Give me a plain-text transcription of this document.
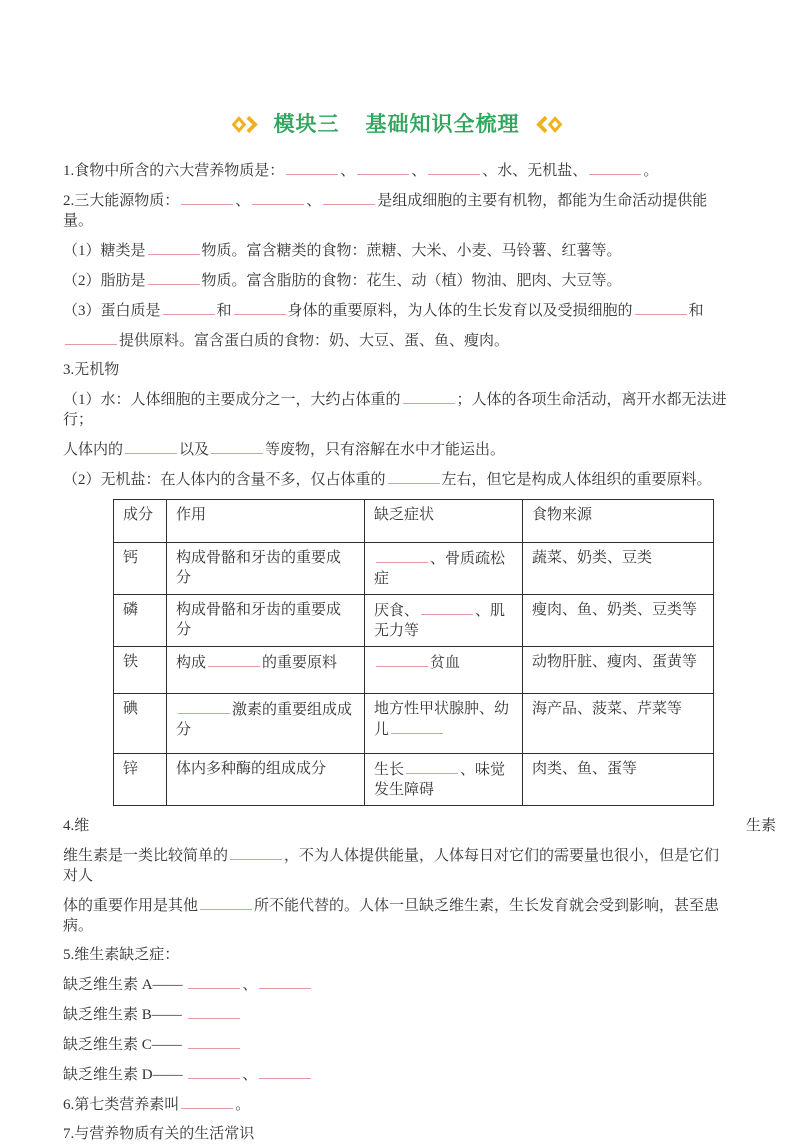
模块三 基础知识全梳理
1.食物中所含的六大营养物质是：	、	、	、水、无机盐、	。
2.三大能源物质：	、	、	是组成细胞的主要有机物，都能为生命活动提供能量。
（1）糖类是	物质。富含糖类的食物：蔗糖、大米、小麦、马铃薯、红薯等。
（2）脂肪是	物质。富含脂肪的食物：花生、动（植）物油、肥肉、大豆等。
（3）蛋白质是	和	身体的重要原料，为人体的生长发育以及受损细胞的	和
提供原料。富含蛋白质的食物：奶、大豆、蛋、鱼、瘦肉。
3.无机物
（1）水：人体细胞的主要成分之一，大约占体重的	；人体的各项生命活动，离开水都无法进行；
人体内的	以及	等废物，只有溶解在水中才能运出。
（2）无机盐：在人体内的含量不多，仅占体重的	左右，但它是构成人体组织的重要原料。
成分	作用	缺乏症状	食物来源
钙	构成骨骼和牙齿的重要成分	、骨质疏松症	蔬菜、奶类、豆类
磷	构成骨骼和牙齿的重要成分	厌食、 、肌无力等	瘦肉、鱼、奶类、豆类等
铁	构成 的重要原料	贫血	动物肝脏、瘦肉、蛋黄等
碘	激素的重要组成成分	地方性甲状腺肿、幼儿	海产品、菠菜、芹菜等
锌	体内多种酶的组成成分	生长 、味觉发生障碍	肉类、鱼、蛋等
4.维	生素
维生素是一类比较简单的	，不为人体提供能量，人体每日对它们的需要量也很小，但是它们对人
体的重要作用是其他	所不能代替的。人体一旦缺乏维生素，生长发育就会受到影响，甚至患病。
5.维生素缺乏症：
缺乏维生素 A——	、
缺乏维生素 B——
缺乏维生素 C——
缺乏维生素 D——	、
6.第七类营养素叫	。
7.与营养物质有关的生活常识
